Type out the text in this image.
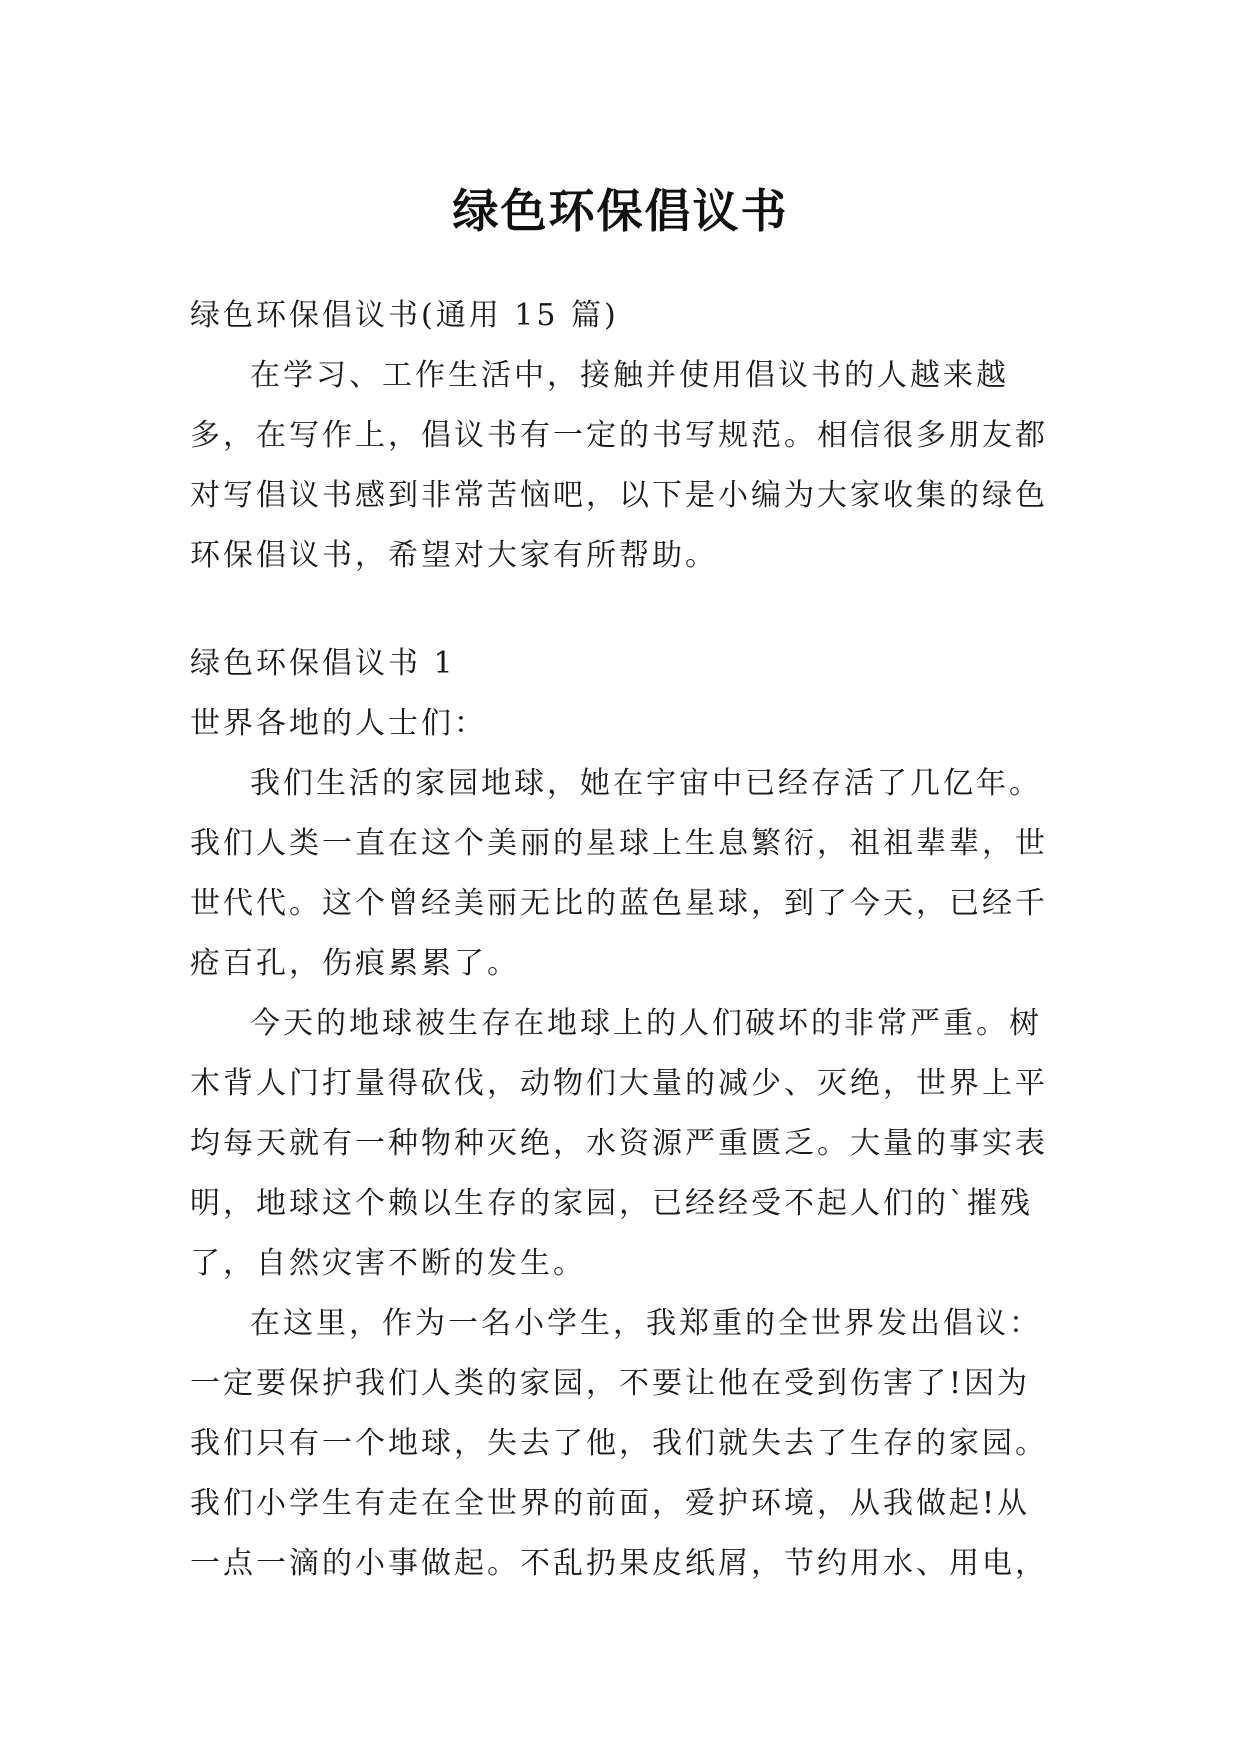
绿色环保倡议书

绿色环保倡议书(通用 15 篇)

在学习、工作生活中，接触并使用倡议书的人越来越多，在写作上，倡议书有一定的书写规范。相信很多朋友都对写倡议书感到非常苦恼吧，以下是小编为大家收集的绿色环保倡议书，希望对大家有所帮助。

绿色环保倡议书 1

世界各地的人士们：

我们生活的家园地球，她在宇宙中已经存活了几亿年。我们人类一直在这个美丽的星球上生息繁衍，祖祖辈辈，世世代代。这个曾经美丽无比的蓝色星球，到了今天，已经千疮百孔，伤痕累累了。

今天的地球被生存在地球上的人们破坏的非常严重。树木背人门打量得砍伐，动物们大量的减少、灭绝，世界上平均每天就有一种物种灭绝，水资源严重匮乏。大量的事实表明，地球这个赖以生存的家园，已经经受不起人们的`摧残了，自然灾害不断的发生。

在这里，作为一名小学生，我郑重的全世界发出倡议：一定要保护我们人类的家园，不要让他在受到伤害了!因为我们只有一个地球，失去了他，我们就失去了生存的家园。我们小学生有走在全世界的前面，爱护环境，从我做起!从一点一滴的小事做起。不乱扔果皮纸屑，节约用水、用电，
